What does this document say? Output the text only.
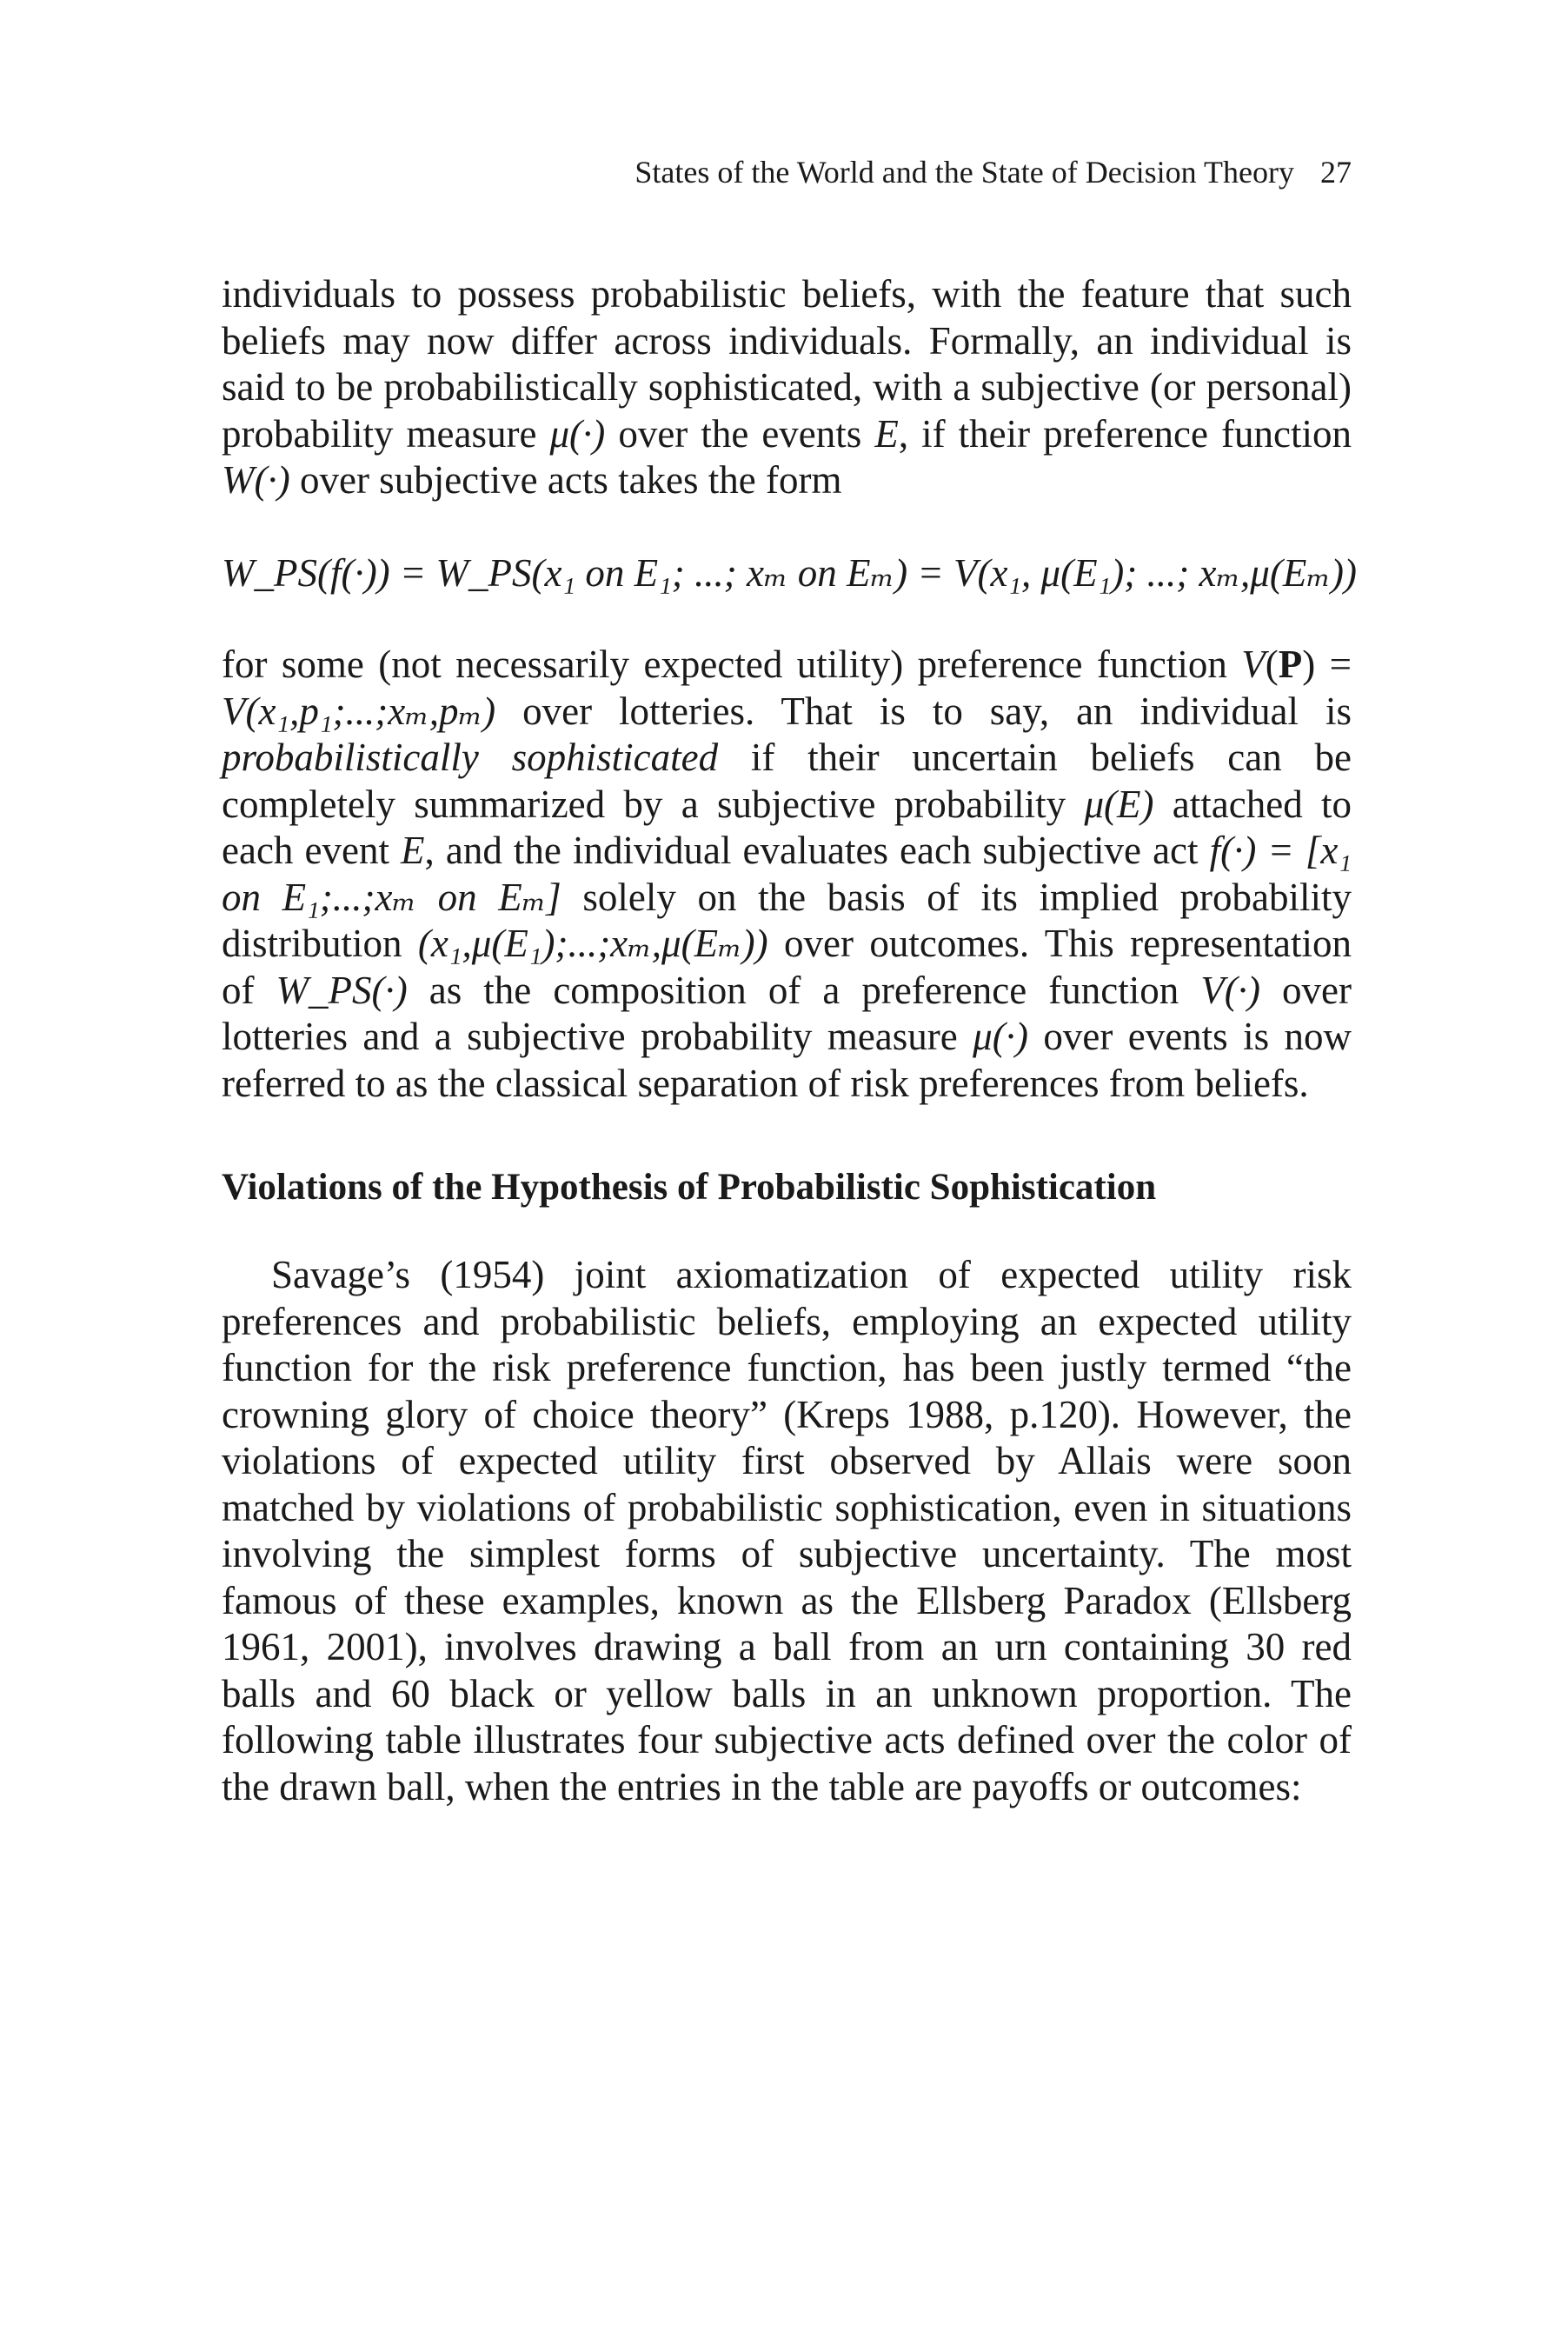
States of the World and the State of Decision Theory 27

individuals to possess probabilistic beliefs, with the feature that such beliefs may now differ across individuals. Formally, an individual is said to be probabilistically sophisticated, with a subjective (or personal) probability measure μ(·) over the events E, if their preference function W(·) over subjective acts takes the form

W_PS(f(·)) = W_PS(x₁ on E₁; ...; xₘ on Eₘ) = V(x₁, μ(E₁); ...; xₘ,μ(Eₘ))

for some (not necessarily expected utility) preference function V(P) = V(x₁,p₁;...;xₘ,pₘ) over lotteries. That is to say, an individual is probabilistically sophisticated if their uncertain beliefs can be completely summarized by a subjective probability μ(E) attached to each event E, and the individual evaluates each subjective act f(·) = [x₁ on E₁;...;xₘ on Eₘ] solely on the basis of its implied probability distribution (x₁,μ(E₁);...;xₘ,μ(Eₘ)) over outcomes. This representation of W_PS(·) as the composition of a preference function V(·) over lotteries and a subjective probability measure μ(·) over events is now referred to as the classical separation of risk preferences from beliefs.

Violations of the Hypothesis of Probabilistic Sophistication

Savage’s (1954) joint axiomatization of expected utility risk preferences and probabilistic beliefs, employing an expected utility function for the risk preference function, has been justly termed “the crowning glory of choice theory” (Kreps 1988, p.120). However, the violations of expected utility first observed by Allais were soon matched by violations of probabilistic sophistication, even in situations involving the simplest forms of subjective uncertainty. The most famous of these examples, known as the Ellsberg Paradox (Ellsberg 1961, 2001), involves drawing a ball from an urn containing 30 red balls and 60 black or yellow balls in an unknown proportion. The following table illustrates four subjective acts defined over the color of the drawn ball, when the entries in the table are payoffs or outcomes:
